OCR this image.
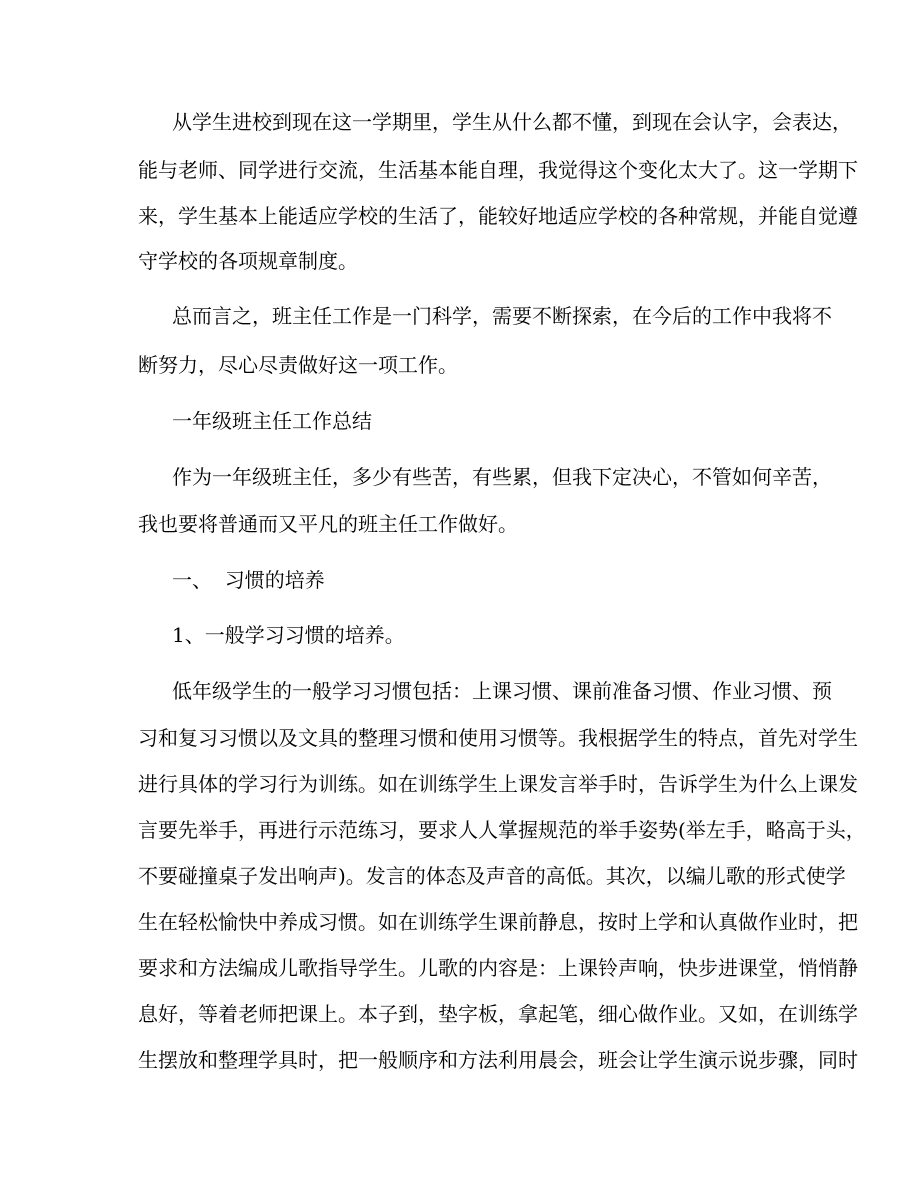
从学生进校到现在这一学期里，学生从什么都不懂，到现在会认字，会表达，
能与老师、同学进行交流，生活基本能自理，我觉得这个变化太大了。这一学期下
来，学生基本上能适应学校的生活了，能较好地适应学校的各种常规，并能自觉遵
守学校的各项规章制度。
总而言之，班主任工作是一门科学，需要不断探索，在今后的工作中我将不
断努力，尽心尽责做好这一项工作。
一年级班主任工作总结
作为一年级班主任，多少有些苦，有些累，但我下定决心，不管如何辛苦，
我也要将普通而又平凡的班主任工作做好。
一、  习惯的培养
1、一般学习习惯的培养。
低年级学生的一般学习习惯包括：上课习惯、课前准备习惯、作业习惯、预
习和复习习惯以及文具的整理习惯和使用习惯等。我根据学生的特点，首先对学生
进行具体的学习行为训练。如在训练学生上课发言举手时，告诉学生为什么上课发
言要先举手，再进行示范练习，要求人人掌握规范的举手姿势(举左手，略高于头，
不要碰撞桌子发出响声)。发言的体态及声音的高低。其次，以编儿歌的形式使学
生在轻松愉快中养成习惯。如在训练学生课前静息，按时上学和认真做作业时，把
要求和方法编成儿歌指导学生。儿歌的内容是：上课铃声响，快步进课堂，悄悄静
息好，等着老师把课上。本子到，垫字板，拿起笔，细心做作业。又如，在训练学
生摆放和整理学具时，把一般顺序和方法利用晨会，班会让学生演示说步骤，同时
